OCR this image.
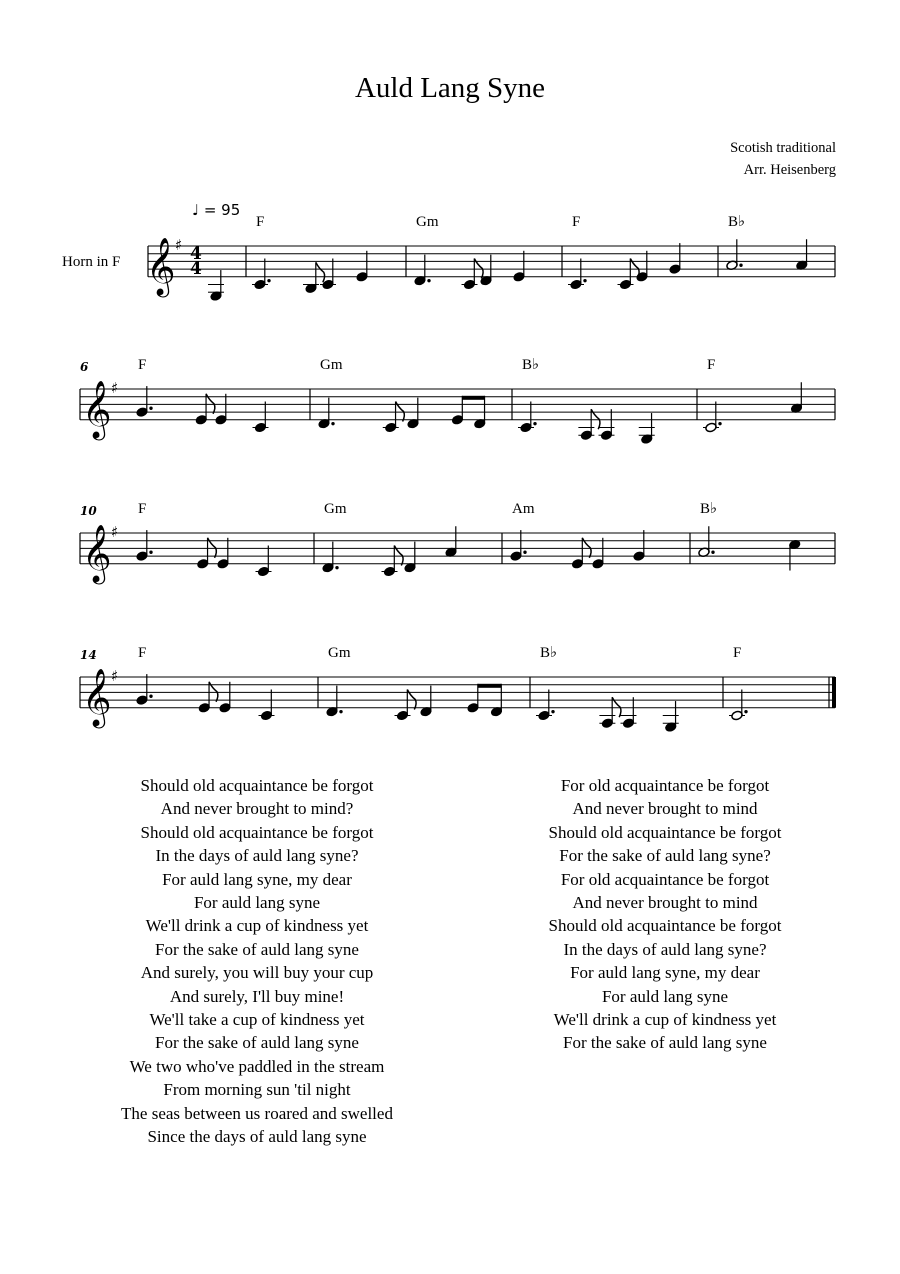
Auld Lang Syne
Scotish traditional
Arr. Heisenberg
𝄞 ♯
Horn in F	4
4
♩ = 95
F	Gm	F	B♭
𝄞 ♯
6	F	Gm	B♭	F
𝄞 ♯
10	F	Gm	Am	B♭
𝄞 ♯
14	F	Gm	B♭	F
Should old acquaintance be forgot
And never brought to mind?
Should old acquaintance be forgot
In the days of auld lang syne?
For auld lang syne, my dear
For auld lang syne
We'll drink a cup of kindness yet
For the sake of auld lang syne
And surely, you will buy your cup
And surely, I'll buy mine!
We'll take a cup of kindness yet
For the sake of auld lang syne
We two who've paddled in the stream
From morning sun 'til night
The seas between us roared and swelled
Since the days of auld lang syne
For old acquaintance be forgot
And never brought to mind
Should old acquaintance be forgot
For the sake of auld lang syne?
For old acquaintance be forgot
And never brought to mind
Should old acquaintance be forgot
In the days of auld lang syne?
For auld lang syne, my dear
For auld lang syne
We'll drink a cup of kindness yet
For the sake of auld lang syne
